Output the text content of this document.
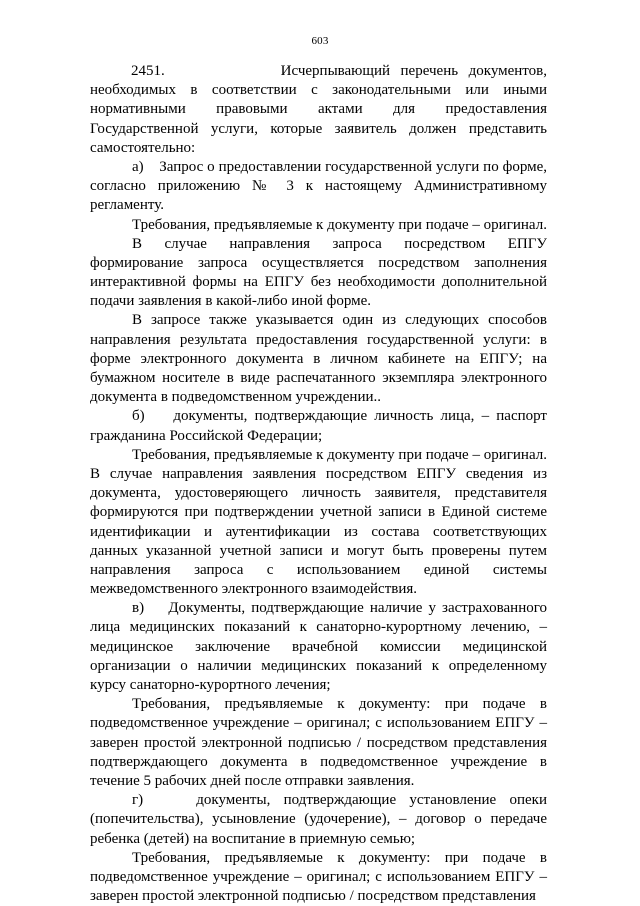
603

2451.           Исчерпывающий перечень документов, необходимых в соответствии с законодательными или иными нормативными правовыми актами для предоставления Государственной услуги, которые заявитель должен представить самостоятельно:

а)    Запрос о предоставлении государственной услуги по форме, согласно приложению № 3 к настоящему Административному регламенту.

Требования, предъявляемые к документу при подаче – оригинал.

В случае направления запроса посредством ЕПГУ формирование запроса осуществляется посредством заполнения интерактивной формы на ЕПГУ без необходимости дополнительной подачи заявления в какой-либо иной форме.

В запросе также указывается один из следующих способов направления результата предоставления государственной услуги: в форме электронного документа в личном кабинете на ЕПГУ; на бумажном носителе в виде распечатанного экземпляра электронного документа в подведомственном учреждении..

б)    документы, подтверждающие личность лица, – паспорт гражданина Российской Федерации;

Требования, предъявляемые к документу при подаче – оригинал. В случае направления заявления посредством ЕПГУ сведения из документа, удостоверяющего личность заявителя, представителя формируются при подтверждении учетной записи в Единой системе идентификации и аутентификации из состава соответствующих данных указанной учетной записи и могут быть проверены путем направления запроса с использованием единой системы межведомственного электронного взаимодействия.

в)    Документы, подтверждающие наличие у застрахованного лица медицинских показаний к санаторно-курортному лечению, – медицинское заключение врачебной комиссии медицинской организации о наличии медицинских показаний к определенному курсу санаторно-курортного лечения;

Требования, предъявляемые к документу: при подаче в подведомственное учреждение – оригинал; с использованием ЕПГУ – заверен простой электронной подписью / посредством представления подтверждающего документа в подведомственное учреждение в течение 5 рабочих дней после отправки заявления.

г)    документы, подтверждающие установление опеки (попечительства), усыновление (удочерение), – договор о передаче ребенка (детей) на воспитание в приемную семью;

Требования, предъявляемые к документу: при подаче в подведомственное учреждение – оригинал; с использованием ЕПГУ – заверен простой электронной подписью / посредством представления
